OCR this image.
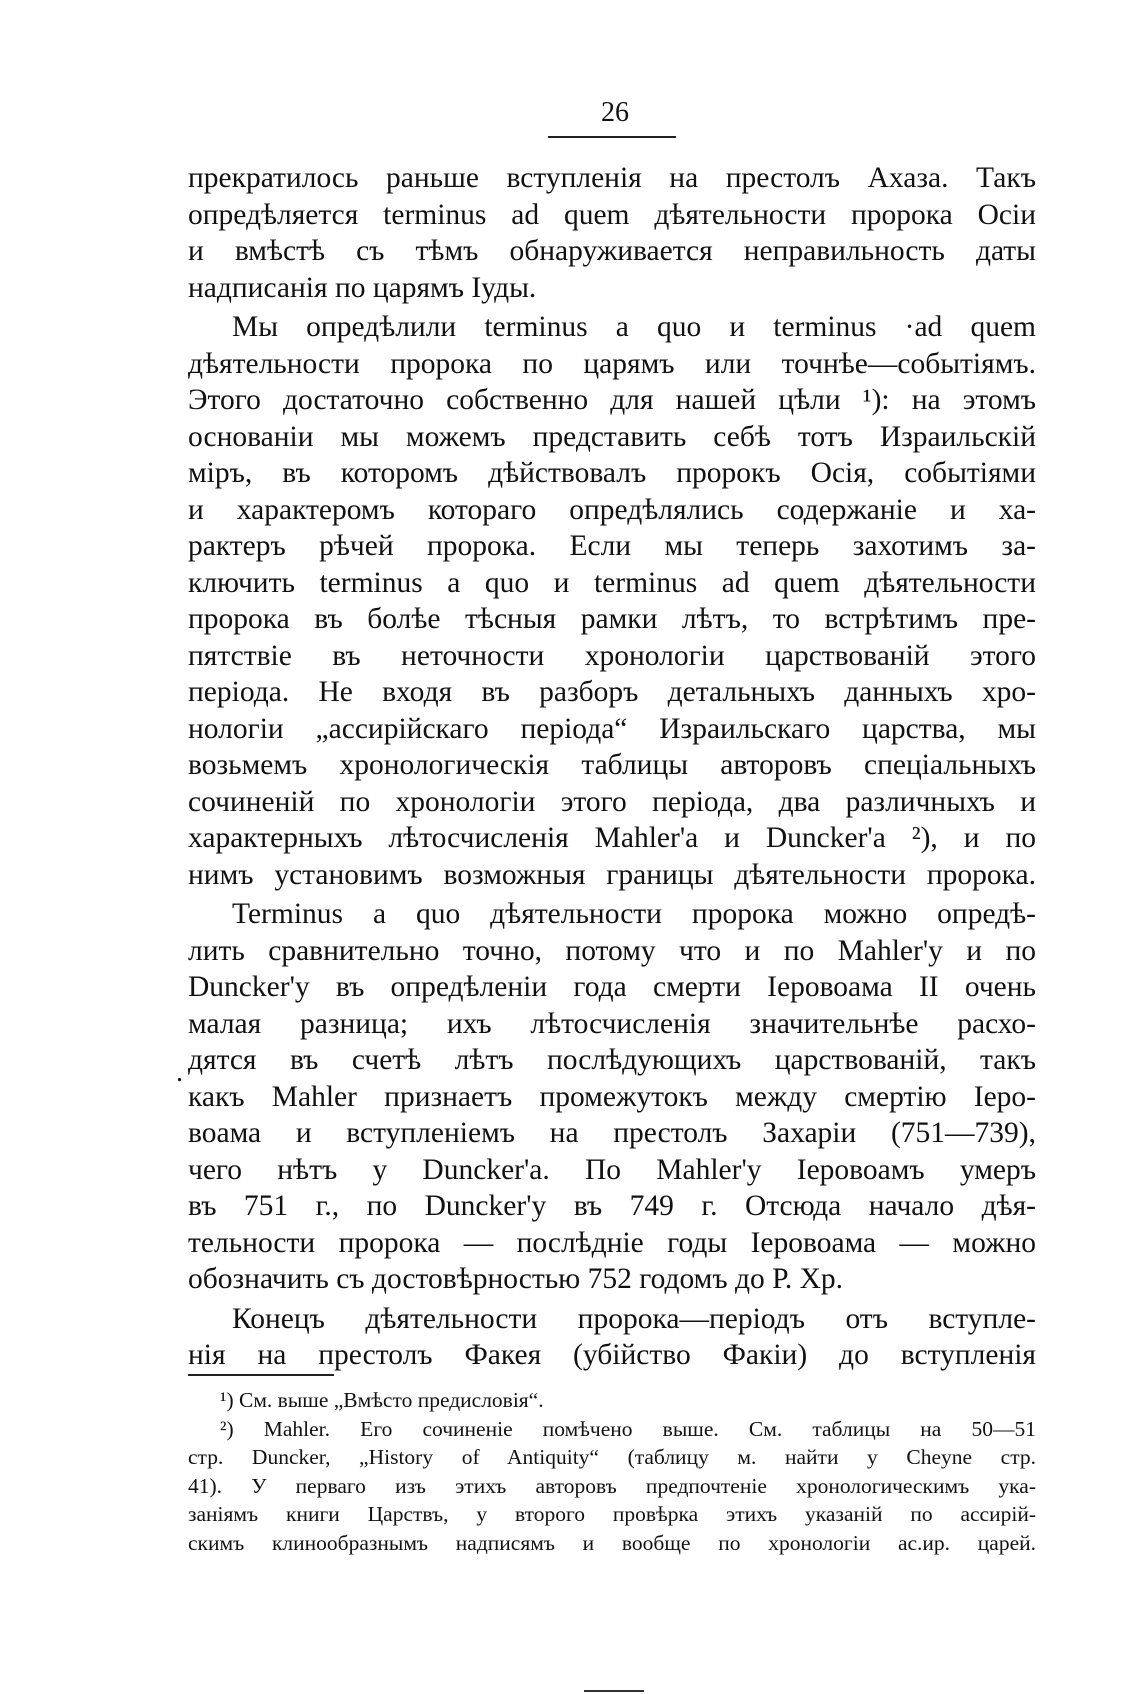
26
.
прекратилось раньше вступленія на престолъ Ахаза. Такъ
опредѣляется terminus ad quem дѣятельности пророка Осіи
и вмѣстѣ съ тѣмъ обнаруживается неправильность даты
надписанія по царямъ Іуды.
Мы опредѣлили terminus a quo и terminus ·ad quem
дѣятельности пророка по царямъ или точнѣе—событіямъ.
Этого достаточно собственно для нашей цѣли ¹): на этомъ
основаніи мы можемъ представить себѣ тотъ Израильскій
міръ, въ которомъ дѣйствовалъ пророкъ Осія, событіями
и характеромъ котораго опредѣлялись содержаніе и ха-
рактеръ рѣчей пророка. Если мы теперь захотимъ за-
ключить terminus a quo и terminus ad quem дѣятельности
пророка въ болѣе тѣсныя рамки лѣтъ, то встрѣтимъ пре-
пятствіе въ неточности хронологіи царствованій этого
періода. Не входя въ разборъ детальныхъ данныхъ хро-
нологіи „ассирійскаго періода“ Израильскаго царства, мы
возьмемъ хронологическія таблицы авторовъ спеціальныхъ
сочиненій по хронологіи этого періода, два различныхъ и
характерныхъ лѣтосчисленія Mahler'a и Duncker'a ²), и по
нимъ установимъ возможныя границы дѣятельности пророка.
Terminus a quo дѣятельности пророка можно опредѣ-
лить сравнительно точно, потому что и по Mahler'y и по
Duncker'y въ опредѣленіи года смерти Іеровоама II очень
малая разница; ихъ лѣтосчисленія значительнѣе расхо-
дятся въ счетѣ лѣтъ послѣдующихъ царствованій, такъ
какъ Mahler признаетъ промежутокъ между смертію Іеро-
воама и вступленіемъ на престолъ Захаріи (751—739),
чего нѣтъ у Duncker'a. По Mahler'y Іеровоамъ умеръ
въ 751 г., по Duncker'y въ 749 г. Отсюда начало дѣя-
тельности пророка — послѣдніе годы Іеровоама — можно
обозначить съ достовѣрностью 752 годомъ до Р. Хр.
Конецъ дѣятельности пророка—періодъ отъ вступле-
нія на престолъ Факея (убійство Факіи) до вступленія
¹) См. выше „Вмѣсто предисловія“.
²) Mahler. Его сочиненіе помѣчено выше. См. таблицы на 50—51
стр. Duncker, „History of Antiquity“ (таблицу м. найти у Cheyne стр.
41). У перваго изъ этихъ авторовъ предпочтеніе хронологическимъ ука-
заніямъ книги Царствъ, у второго провѣрка этихъ указаній по ассирій-
скимъ клинообразнымъ надписямъ и вообще по хронологіи ас.ир. царей.
